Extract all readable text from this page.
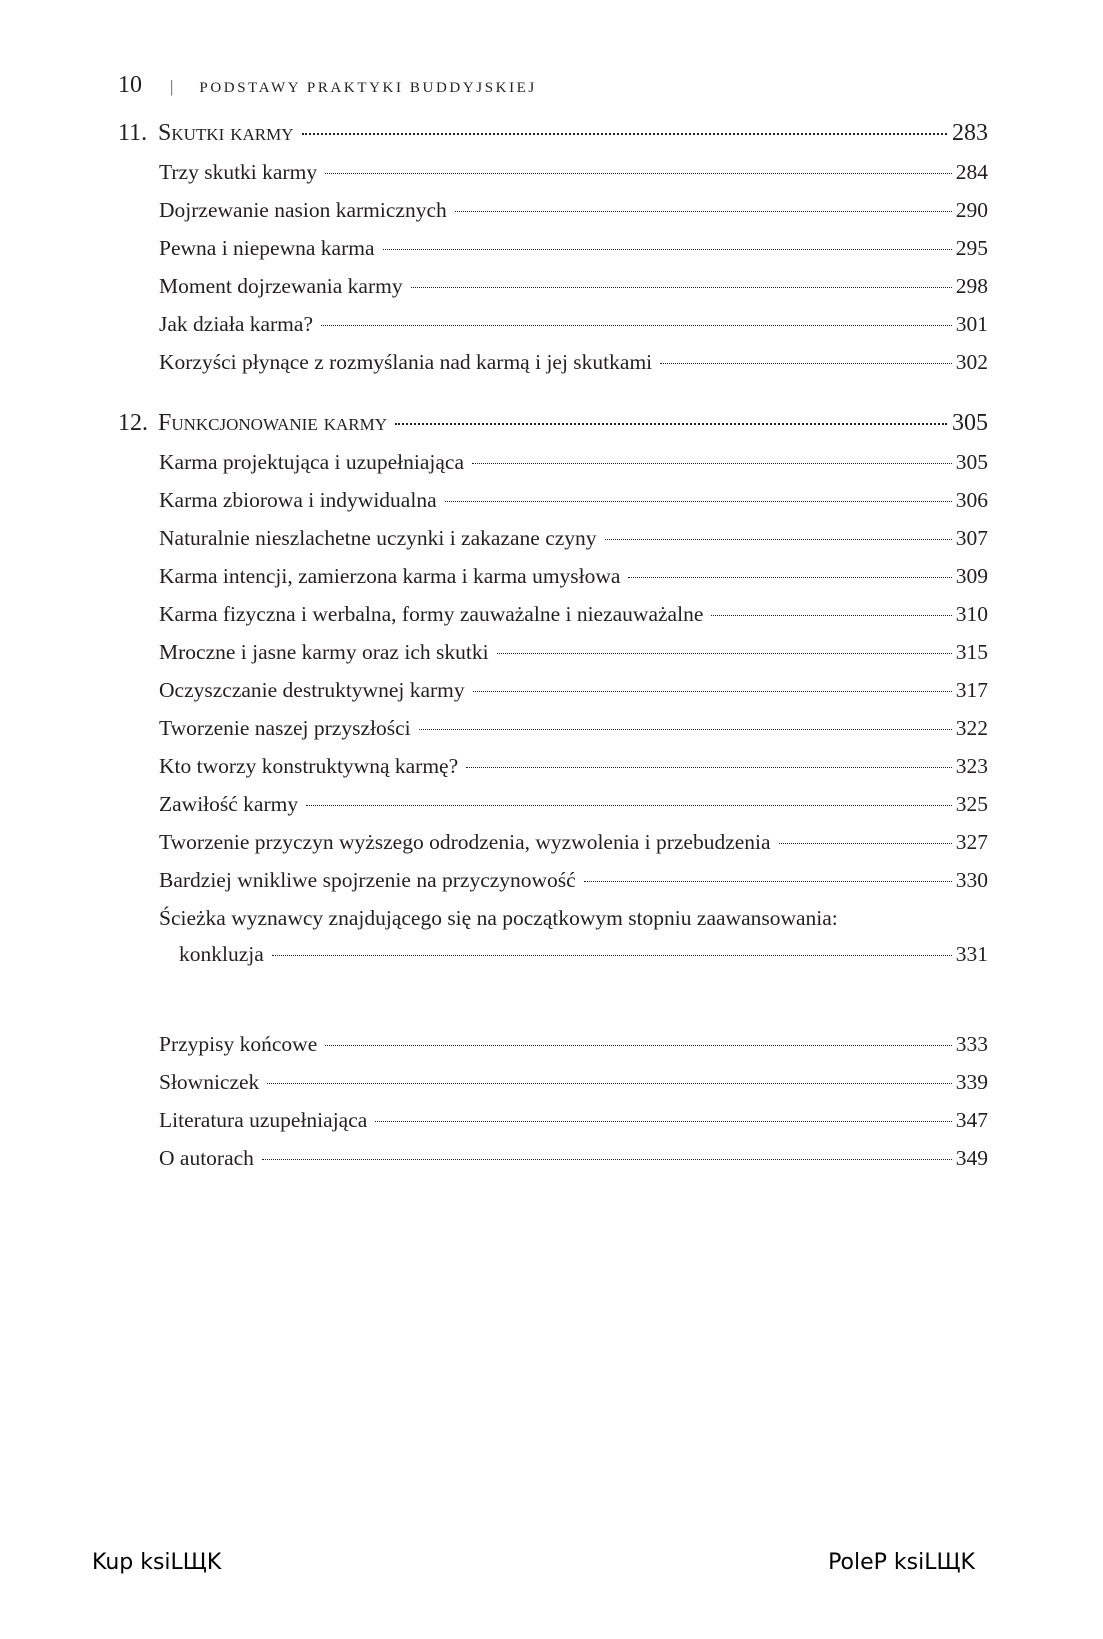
10 | PODSTAWY PRAKTYKI BUDDYJSKIEJ
11. Skutki karmy	283
Trzy skutki karmy	284
Dojrzewanie nasion karmicznych	290
Pewna i niepewna karma	295
Moment dojrzewania karmy	298
Jak działa karma?	301
Korzyści płynące z rozmyślania nad karmą i jej skutkami	302
12. Funkcjonowanie karmy	305
Karma projektująca i uzupełniająca	305
Karma zbiorowa i indywidualna	306
Naturalnie nieszlachetne uczynki i zakazane czyny	307
Karma intencji, zamierzona karma i karma umysłowa	309
Karma fizyczna i werbalna, formy zauważalne i niezauważalne	310
Mroczne i jasne karmy oraz ich skutki	315
Oczyszczanie destruktywnej karmy	317
Tworzenie naszej przyszłości	322
Kto tworzy konstruktywną karmę?	323
Zawiłość karmy	325
Tworzenie przyczyn wyższego odrodzenia, wyzwolenia i przebudzenia	327
Bardziej wnikliwe spojrzenie na przyczynowość	330
Ścieżka wyznawcy znajdującego się na początkowym stopniu zaawansowania:
konkluzja	331
Przypisy końcowe	333
Słowniczek	339
Literatura uzupełniająca	347
O autorach	349
Kup ksiLЩK	PoleP ksiLЩK
